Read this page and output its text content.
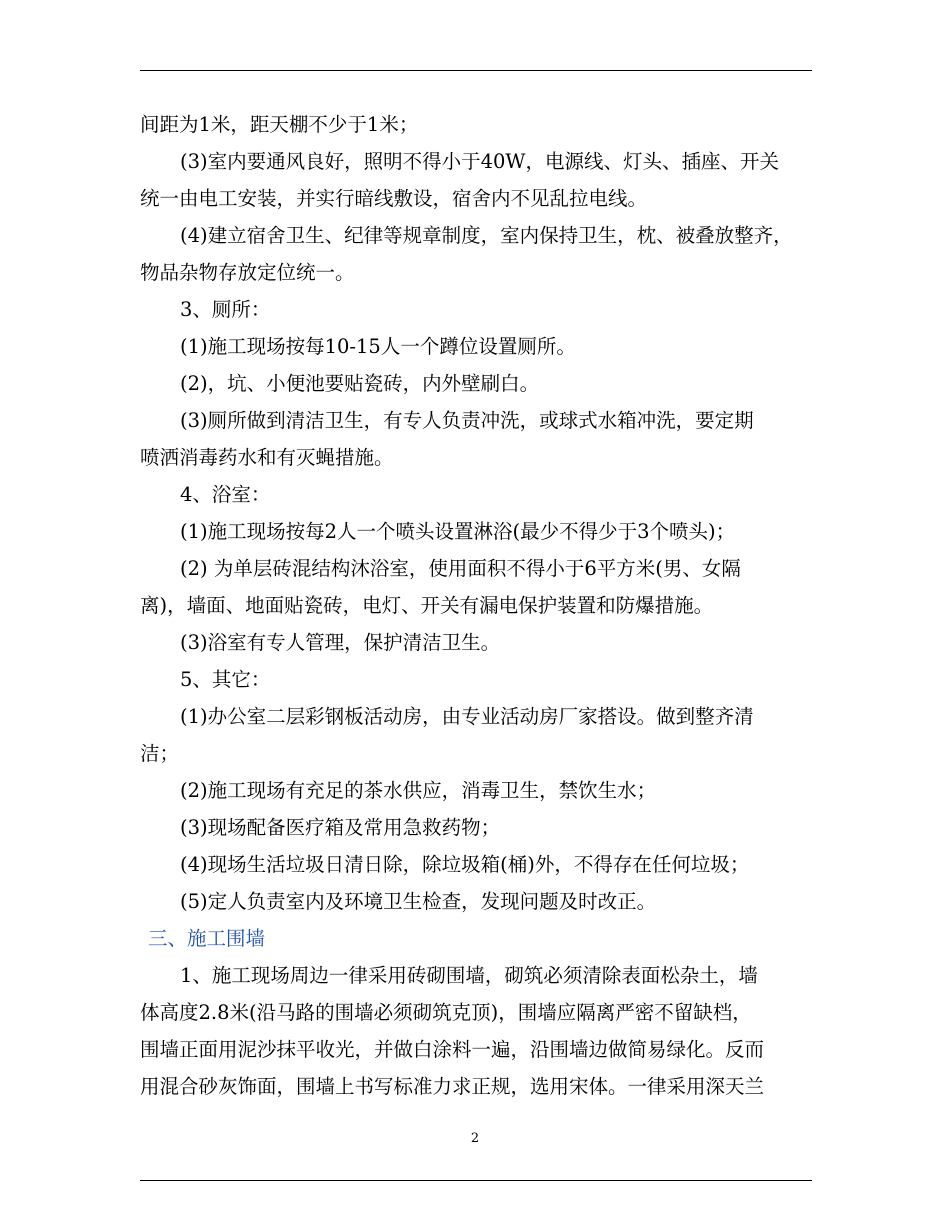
间距为1米，距天棚不少于1米；
(3)室内要通风良好，照明不得小于40W，电源线、灯头、插座、开关
统一由电工安装，并实行暗线敷设，宿舍内不见乱拉电线。
(4)建立宿舍卫生、纪律等规章制度，室内保持卫生，枕、被叠放整齐，
物品杂物存放定位统一。
3、厕所：
(1)施工现场按每10-15人一个蹲位设置厕所。
(2)，坑、小便池要贴瓷砖，内外壁刷白。
(3)厕所做到清洁卫生，有专人负责冲洗，或球式水箱冲洗，要定期
喷洒消毒药水和有灭蝇措施。
4、浴室：
(1)施工现场按每2人一个喷头设置淋浴(最少不得少于3个喷头)；
(2) 为单层砖混结构沐浴室，使用面积不得小于6平方米(男、女隔
离)，墙面、地面贴瓷砖，电灯、开关有漏电保护装置和防爆措施。
(3)浴室有专人管理，保护清洁卫生。
5、其它：
(1)办公室二层彩钢板活动房，由专业活动房厂家搭设。做到整齐清
洁；
(2)施工现场有充足的茶水供应，消毒卫生，禁饮生水；
(3)现场配备医疗箱及常用急救药物；
(4)现场生活垃圾日清日除，除垃圾箱(桶)外，不得存在任何垃圾；
(5)定人负责室内及环境卫生检查，发现问题及时改正。
三、施工围墙
1、施工现场周边一律采用砖砌围墙，砌筑必须清除表面松杂土，墙
体高度2.8米(沿马路的围墙必须砌筑克顶)，围墙应隔离严密不留缺档，
围墙正面用泥沙抹平收光，并做白涂料一遍，沿围墙边做简易绿化。反而
用混合砂灰饰面，围墙上书写标准力求正规，选用宋体。一律采用深天兰
2
